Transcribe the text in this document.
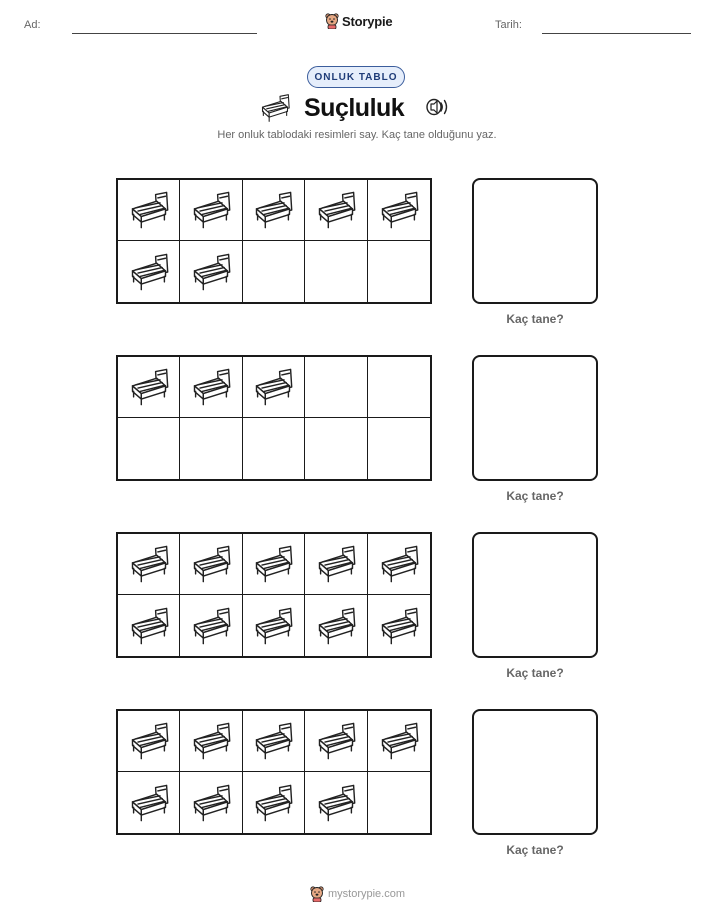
Ad:	Storypie	Tarih:
ONLUK TABLO
Suçluluk
Her onluk tablodaki resimleri say. Kaç tane olduğunu yaz.
Kaç tane?
Kaç tane?
Kaç tane?
Kaç tane?
mystorypie.com
